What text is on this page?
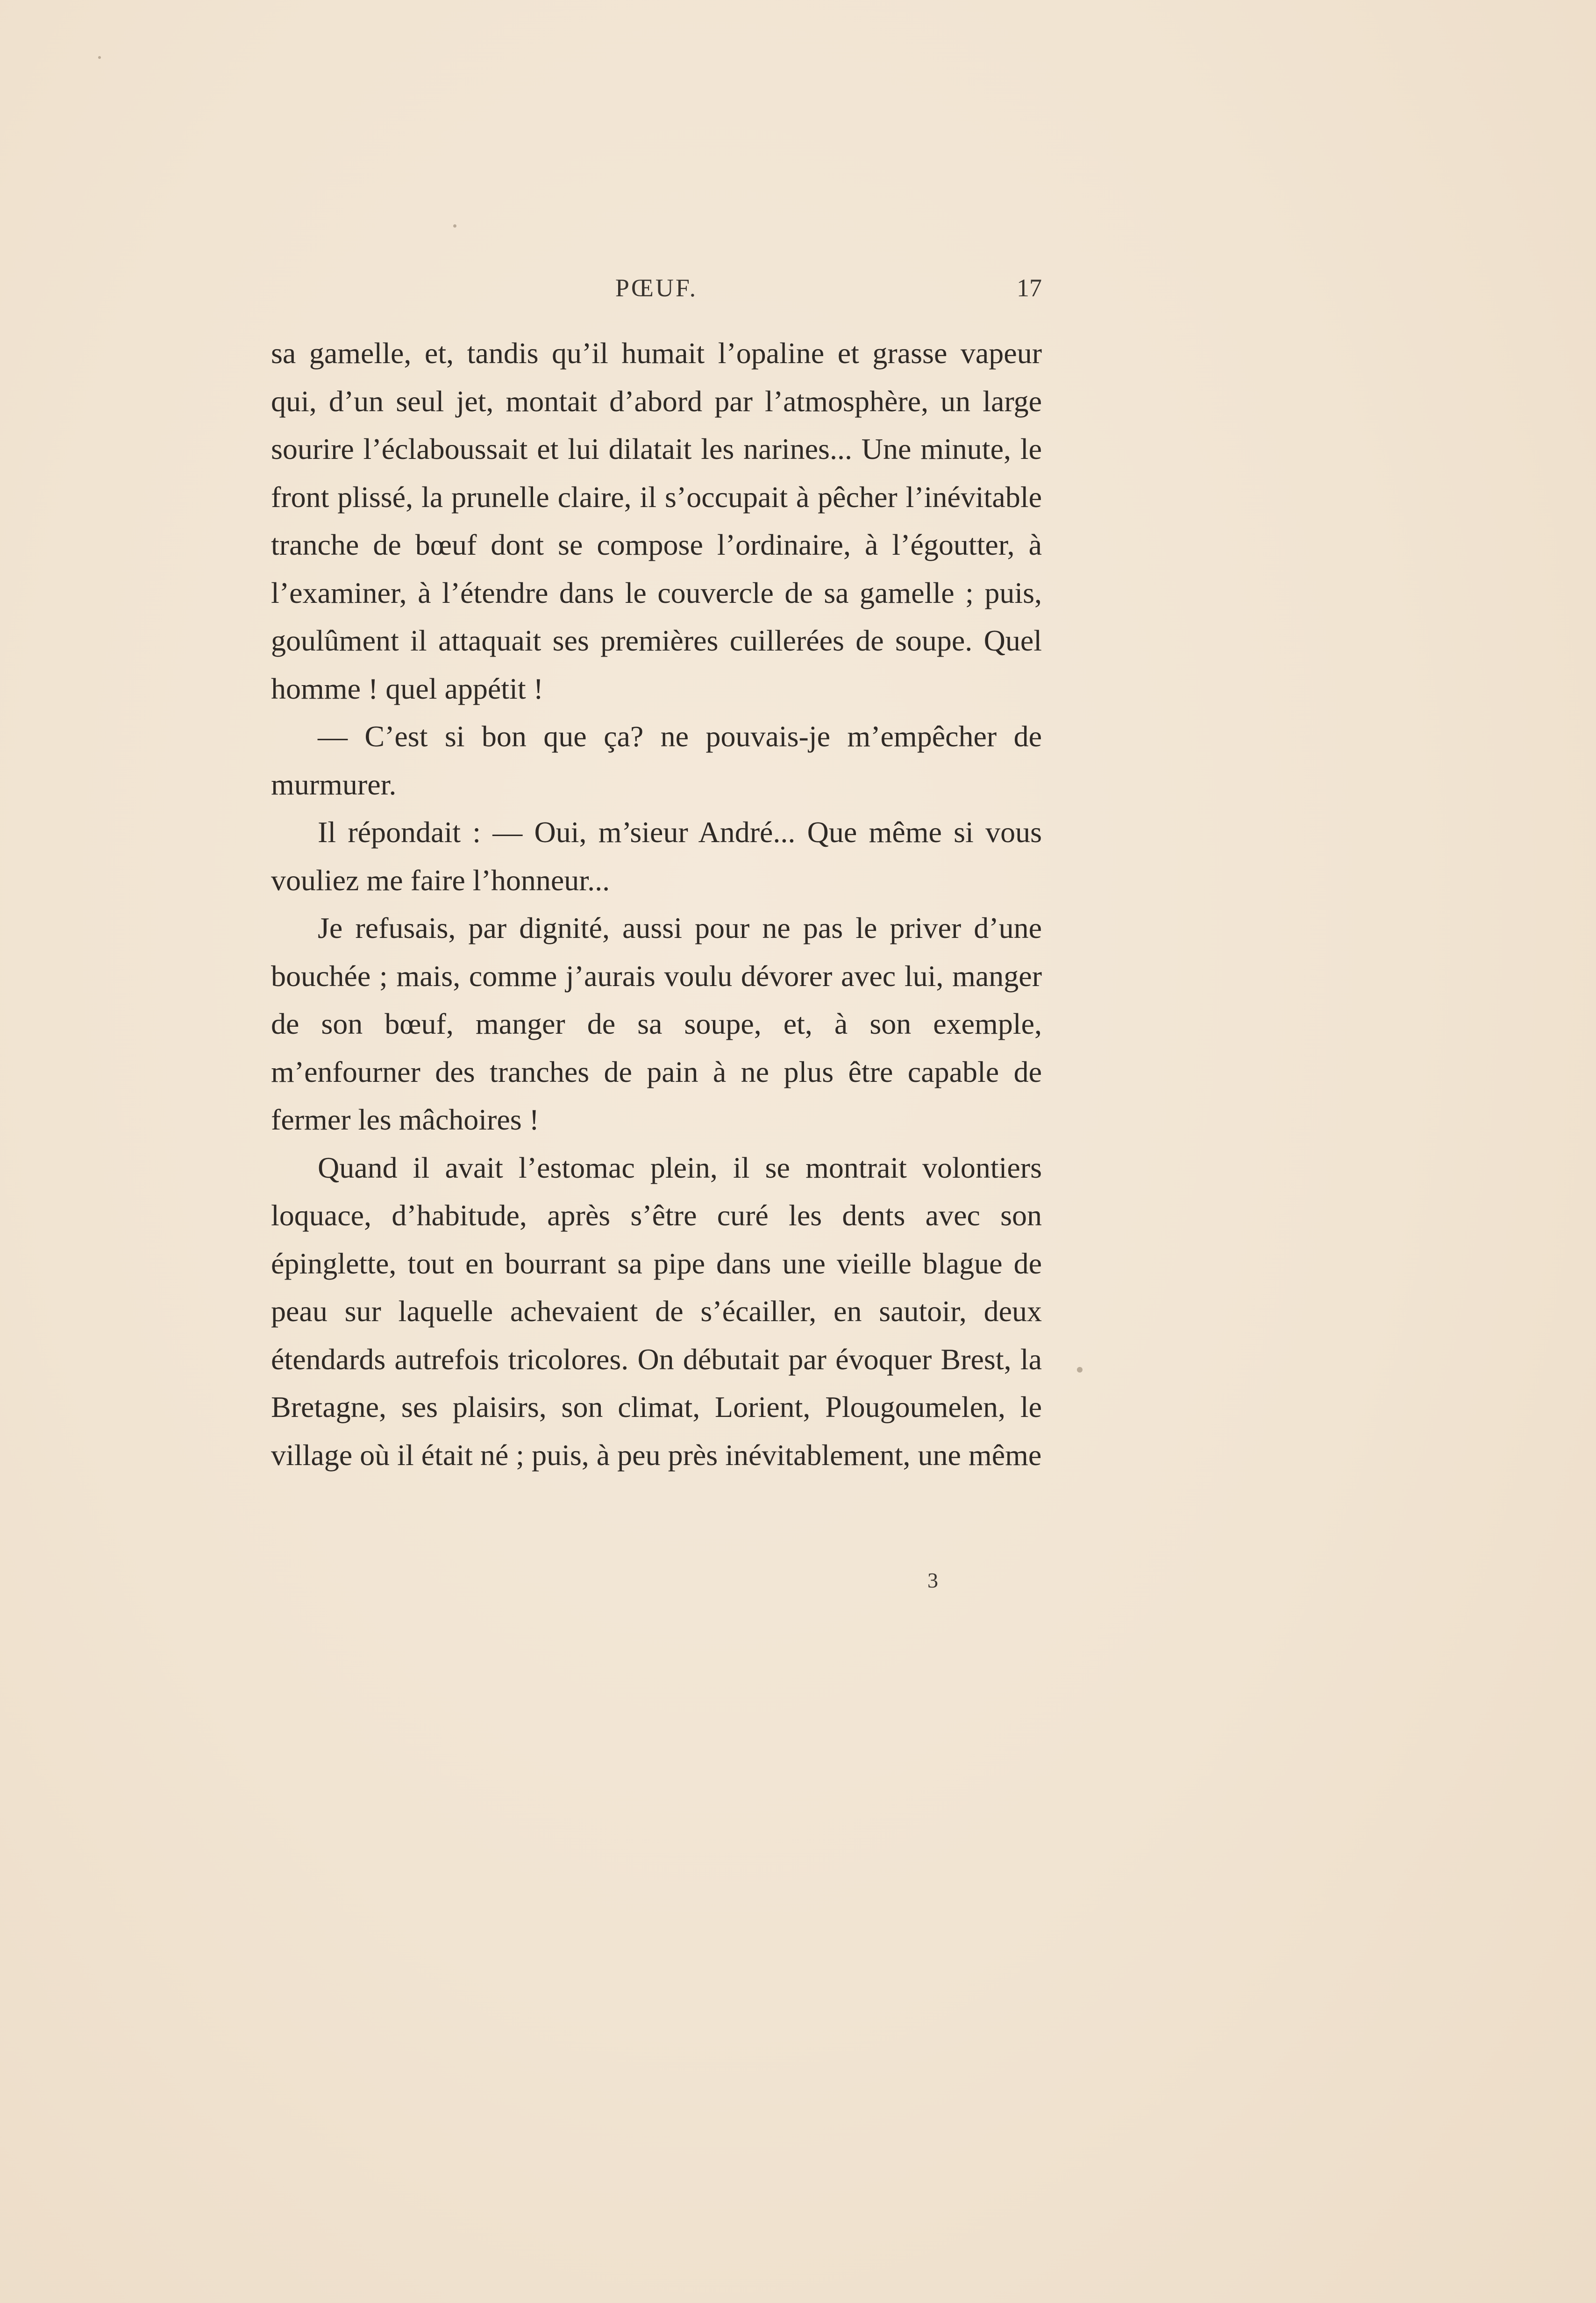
PŒUF.	17

sa gamelle, et, tandis qu’il humait l’opaline et grasse vapeur qui, d’un seul jet, montait d’abord par l’atmosphère, un large sourire l’éclaboussait et lui dilatait les narines... Une minute, le front plissé, la prunelle claire, il s’occupait à pêcher l’inévitable tranche de bœuf dont se compose l’ordinaire, à l’égoutter, à l’examiner, à l’étendre dans le couvercle de sa gamelle ; puis, goulûment il attaquait ses premières cuillerées de soupe. Quel homme ! quel appétit !

— C’est si bon que ça? ne pouvais-je m’empêcher de murmurer.

Il répondait : — Oui, m’sieur André... Que même si vous vouliez me faire l’honneur...

Je refusais, par dignité, aussi pour ne pas le priver d’une bouchée ; mais, comme j’aurais voulu dévorer avec lui, manger de son bœuf, manger de sa soupe, et, à son exemple, m’enfourner des tranches de pain à ne plus être capable de fermer les mâchoires !

Quand il avait l’estomac plein, il se montrait volontiers loquace, d’habitude, après s’être curé les dents avec son épinglette, tout en bourrant sa pipe dans une vieille blague de peau sur laquelle achevaient de s’écailler, en sautoir, deux étendards autrefois tricolores. On débutait par évoquer Brest, la Bretagne, ses plaisirs, son climat, Lorient, Plougoumelen, le village où il était né ; puis, à peu près inévitablement, une même

3
